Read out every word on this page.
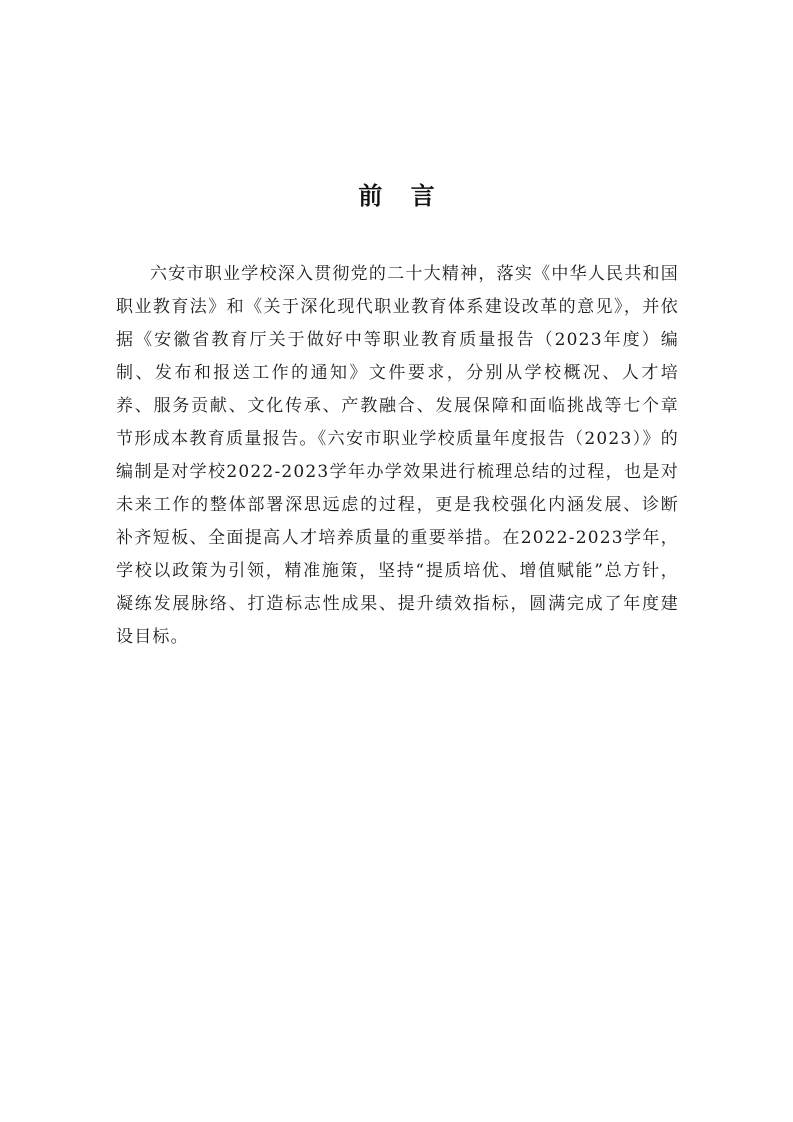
前 言

六安市职业学校深入贯彻党的二十大精神，落实《中华人民共和国职业教育法》和《关于深化现代职业教育体系建设改革的意见》，并依据《安徽省教育厅关于做好中等职业教育质量报告（2023年度）编制、发布和报送工作的通知》文件要求，分别从学校概况、人才培养、服务贡献、文化传承、产教融合、发展保障和面临挑战等七个章节形成本教育质量报告。《六安市职业学校质量年度报告（2023）》的编制是对学校2022-2023学年办学效果进行梳理总结的过程，也是对未来工作的整体部署深思远虑的过程，更是我校强化内涵发展、诊断补齐短板、全面提高人才培养质量的重要举措。在2022-2023学年，学校以政策为引领，精准施策，坚持“提质培优、增值赋能”总方针，凝练发展脉络、打造标志性成果、提升绩效指标，圆满完成了年度建设目标。
